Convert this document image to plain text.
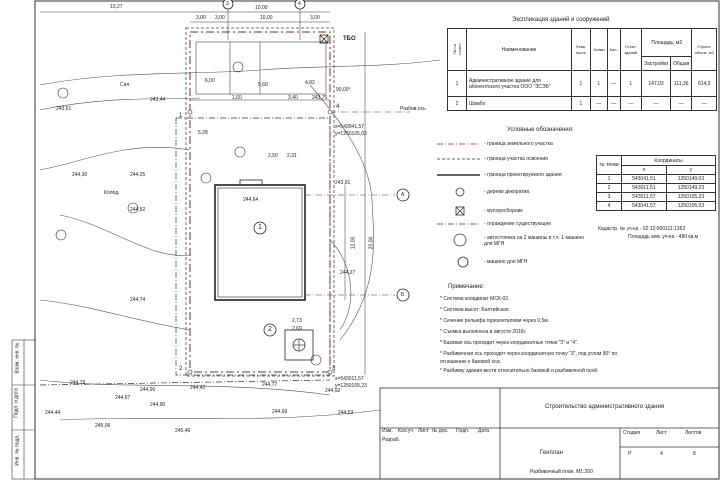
10,27
3,00
10,00
3,00
3,00	10,00
3	4
A
Б
12,00 20,00
6,00
5,60	4,82
90,00°
2,50 2,31
5,28
2,73
2,69
1,60	3,40
243,44
243,61
244,25
244,30
244,52
244,74
244,27
244,79
244,90	244,42	244,77
244,67
244,92
244,90
245,06
244,69	244,53
244,44
245,46
243,91
244,64
243,75
ТБО
Разбив.ось
x=543041,57
y=1250105,03
x=543011,57
y=1250105,23
1
2
1
2	3
4
Сил
Колод.
Экспликация зданий и сооружений
№ на плане	Наименование	Этаж-ность	Этажи	Кол.	Стоит. зданий	Площадь, м2		Строит. объем, м3
						Застройки	Общая	
1	Административное здание для абонентского участка ООО "ЗСЭБ"	1	1	—	1	147,03	111,36	614,3
2	Шамбо	1	—	—	—	—	—	—
Условные обозначения:
- граница земельного участка
- граница участка освоения
- граница проектируемого здания
- дерево декоратив.
- мусоросборник
- ограждение существующее
- автостоянка на 2 машины в т.ч. 1 машино для МГН
- машино для МГН
№ точки	Координаты	
	x	y
1	543041,51	1250149,03
2	543011,51	1250149,23
3	543011,57	1250105,23
4	543041,57	1250105,03
Кадастр. № уч-ка - 02:12:000111:1363
Площадь зем. уч-ка - 480 кв.м
Примечание:
* Система координат МСК-02.
* Система высот: Балтийская.
* Сечение рельефа горизонталями через 0,5м.
* Съемка выполнена в августе 2016г.
* Базовая ось проходит через координатные точки "3" и "4".
* Разбивочная ось проходит через координатную точку "3", под углом 90° по
отношению к базовой оси.
* Разбивку здания вести относительно базовой и разбивочной осей.
Изм. Кол.уч Лист № док. Подп. Дата
Разраб.
Строительство административного здания
Генплан
Стадия	Лист	Листов
Р	4	8
Разбивочный план. М1:200
Взам. инв. №
Подп. и дата
Инв. № подл.
